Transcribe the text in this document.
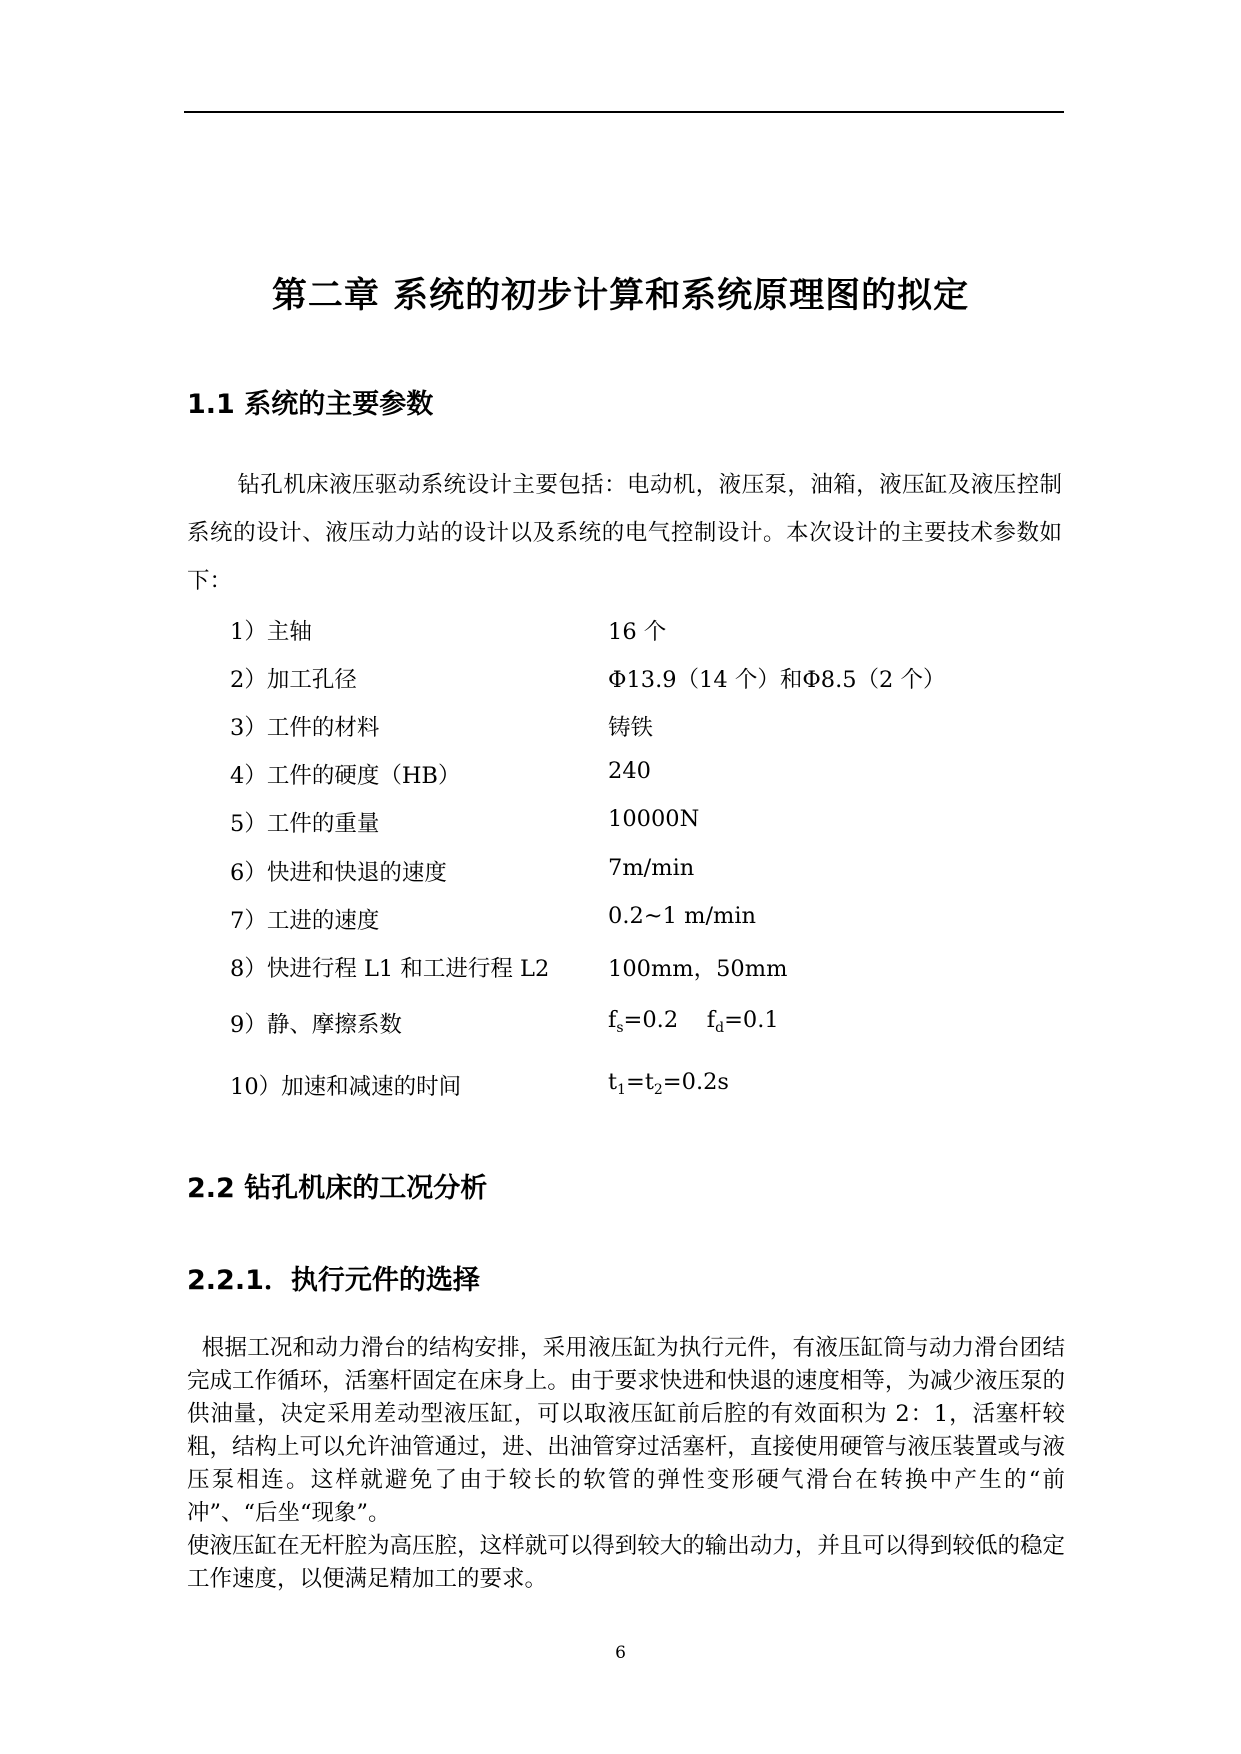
第二章 系统的初步计算和系统原理图的拟定
1.1 系统的主要参数
钻孔机床液压驱动系统设计主要包括：电动机，液压泵，油箱，液压缸及液压控制系统的设计、液压动力站的设计以及系统的电气控制设计。本次设计的主要技术参数如下：
1）主轴	16 个
2）加工孔径	Φ13.9（14 个）和Φ8.5（2 个）
3）工件的材料	铸铁
4）工件的硬度（HB）	240
5）工件的重量	10000N
6）快进和快退的速度	7m/min
7）工进的速度	0.2~1 m/min
8）快进行程 L1 和工进行程 L2	100mm，50mm
9）静、摩擦系数	$f_s=0.2$    $f_d=0.1$
10）加速和减速的时间	$t_1=t_2=0.2s$
2.2 钻孔机床的工况分析
2.2.1．执行元件的选择

根据工况和动力滑台的结构安排，采用液压缸为执行元件，有液压缸筒与动力滑台团结完成工作循环，活塞杆固定在床身上。由于要求快进和快退的速度相等，为减少液压泵的供油量，决定采用差动型液压缸，可以取液压缸前后腔的有效面积为 2：1，活塞杆较粗，结构上可以允许油管通过，进、出油管穿过活塞杆，直接使用硬管与液压装置或与液压泵相连。这样就避免了由于较长的软管的弹性变形硬气滑台在转换中产生的“前冲”、“后坐“现象”。

使液压缸在无杆腔为高压腔，这样就可以得到较大的输出动力，并且可以得到较低的稳定工作速度，以便满足精加工的要求。

6
